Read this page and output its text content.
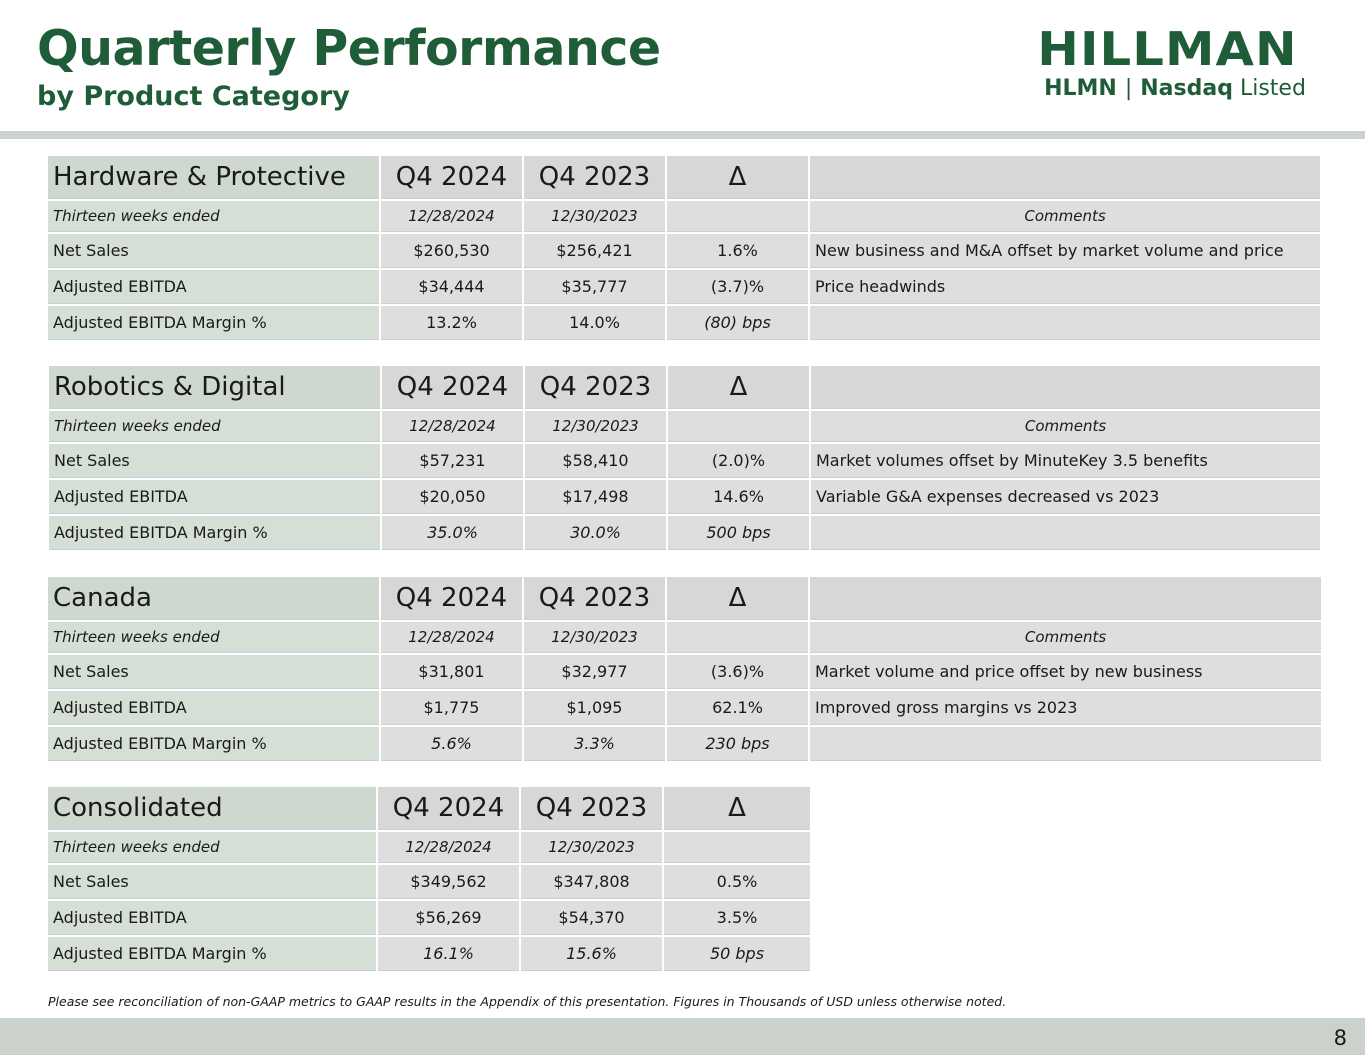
Quarterly Performance
by Product Category
HILLMAN
HLMN | Nasdaq Listed
Hardware & Protective	Q4 2024	Q4 2023	Δ	
Thirteen weeks ended	12/28/2024	12/30/2023		Comments
Net Sales	$260,530	$256,421	1.6%	New business and M&A offset by market volume and price
Adjusted EBITDA	$34,444	$35,777	(3.7)%	Price headwinds
Adjusted EBITDA Margin %	13.2%	14.0%	(80) bps	
Robotics & Digital	Q4 2024	Q4 2023	Δ	
Thirteen weeks ended	12/28/2024	12/30/2023		Comments
Net Sales	$57,231	$58,410	(2.0)%	Market volumes offset by MinuteKey 3.5 benefits
Adjusted EBITDA	$20,050	$17,498	14.6%	Variable G&A expenses decreased vs 2023
Adjusted EBITDA Margin %	35.0%	30.0%	500 bps	
Canada	Q4 2024	Q4 2023	Δ	
Thirteen weeks ended	12/28/2024	12/30/2023		Comments
Net Sales	$31,801	$32,977	(3.6)%	Market volume and price offset by new business
Adjusted EBITDA	$1,775	$1,095	62.1%	Improved gross margins vs 2023
Adjusted EBITDA Margin %	5.6%	3.3%	230 bps	
Consolidated	Q4 2024	Q4 2023	Δ
Thirteen weeks ended	12/28/2024	12/30/2023	
Net Sales	$349,562	$347,808	0.5%
Adjusted EBITDA	$56,269	$54,370	3.5%
Adjusted EBITDA Margin %	16.1%	15.6%	50 bps
Please see reconciliation of non-GAAP metrics to GAAP results in the Appendix of this presentation. Figures in Thousands of USD unless otherwise noted.
8
